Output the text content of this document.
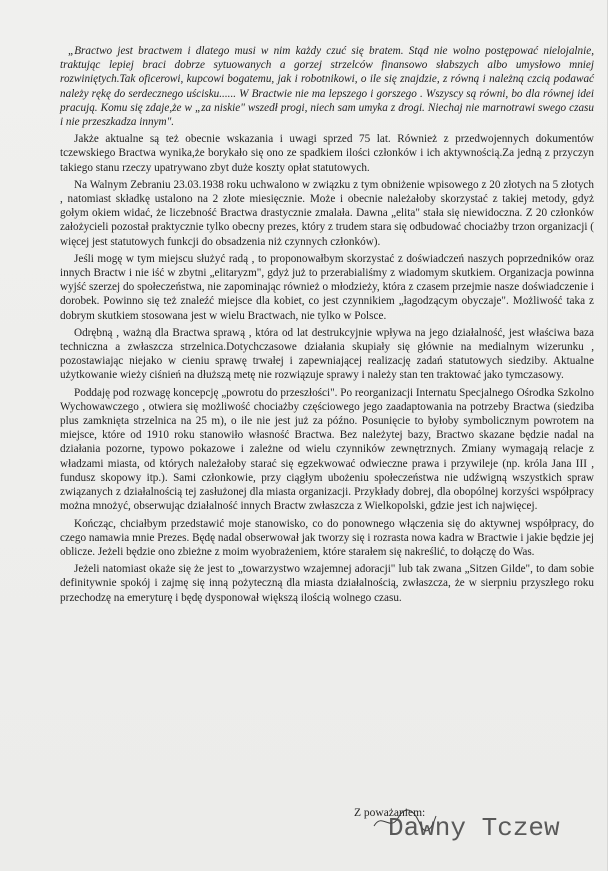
„Bractwo jest bractwem i dlatego musi w nim każdy czuć się bratem. Stąd nie wolno postępować nielojalnie, traktując lepiej braci dobrze sytuowanych a gorzej strzelców finansowo słabszych albo umysłowo mniej rozwiniętych.Tak oficerowi, kupcowi bogatemu, jak i robotnikowi, o ile się znajdzie, z równą i należną czcią podawać należy rękę do serdecznego uścisku...... W Bractwie nie ma lepszego i gorszego . Wszyscy są równi, bo dla równej idei pracują. Komu się zdaje,że w „za niskie" wszedł progi, niech sam umyka z drogi. Niechaj nie marnotrawi swego czasu i nie przeszkadza innym".

Jakże aktualne są też obecnie wskazania i uwagi sprzed 75 lat. Również z przedwojennych dokumentów tczewskiego Bractwa wynika,że borykało się ono ze spadkiem ilości członków i ich aktywnością.Za jedną z przyczyn takiego stanu rzeczy upatrywano zbyt duże koszty opłat statutowych.

Na Walnym Zebraniu 23.03.1938 roku uchwalono w związku z tym obniżenie wpisowego z 20 złotych na 5 złotych , natomiast składkę ustalono na 2 złote miesięcznie. Może i obecnie należałoby skorzystać z takiej metody, gdyż gołym okiem widać, że liczebność Bractwa drastycznie zmalała. Dawna „elita" stała się niewidoczna. Z 20 członków założycieli pozostał praktycznie tylko obecny prezes, który z trudem stara się odbudować chociażby trzon organizacji ( więcej jest statutowych funkcji do obsadzenia niż czynnych członków).

Jeśli mogę w tym miejscu służyć radą , to proponowałbym skorzystać z doświadczeń naszych poprzedników oraz innych Bractw i nie iść w zbytni „elitaryzm", gdyż już to przerabialiśmy z wiadomym skutkiem. Organizacja powinna wyjść szerzej do społeczeństwa, nie zapominając również o młodzieży, która z czasem przejmie nasze doświadczenie i dorobek. Powinno się też znaleźć miejsce dla kobiet, co jest czynnikiem „łagodzącym obyczaje". Możliwość taka z dobrym skutkiem stosowana jest w wielu Bractwach, nie tylko w Polsce.

Odrębną , ważną dla Bractwa sprawą , która od lat destrukcyjnie wpływa na jego działalność, jest właściwa baza techniczna a zwłaszcza strzelnica.Dotychczasowe działania skupiały się głównie na medialnym wizerunku , pozostawiając niejako w cieniu sprawę trwałej i zapewniającej realizację zadań statutowych siedziby. Aktualne użytkowanie wieży ciśnień na dłuższą metę nie rozwiązuje sprawy i należy stan ten traktować jako tymczasowy.

Poddaję pod rozwagę koncepcję „powrotu do przeszłości". Po reorganizacji Internatu Specjalnego Ośrodka Szkolno Wychowawczego , otwiera się możliwość chociażby częściowego jego zaadaptowania na potrzeby Bractwa (siedziba plus zamknięta strzelnica na 25 m), o ile nie jest już za późno. Posunięcie to byłoby symbolicznym powrotem na miejsce, które od 1910 roku stanowiło własność Bractwa. Bez należytej bazy, Bractwo skazane będzie nadal na działania pozorne, typowo pokazowe i zależne od wielu czynników zewnętrznych. Zmiany wymagają relacje z władzami miasta, od których należałoby starać się egzekwować odwieczne prawa i przywileje (np. króla Jana III , fundusz skopowy itp.). Sami członkowie, przy ciągłym ubożeniu społeczeństwa nie udźwigną wszystkich spraw związanych z działalnością tej zasłużonej dla miasta organizacji. Przykłady dobrej, dla obopólnej korzyści współpracy można mnożyć, obserwując działalność innych Bractw zwłaszcza z Wielkopolski, gdzie jest ich najwięcej.

Kończąc, chciałbym przedstawić moje stanowisko, co do ponownego włączenia się do aktywnej współpracy, do czego namawia mnie Prezes. Będę nadal obserwował jak tworzy się i rozrasta nowa kadra w Bractwie i jakie będzie jej oblicze. Jeżeli będzie ono zbieżne z moim wyobrażeniem, które starałem się nakreślić, to dołączę do Was.

Jeżeli natomiast okaże się że jest to „towarzystwo wzajemnej adoracji" lub tak zwana „Sitzen Gilde", to dam sobie definitywnie spokój i zajmę się inną pożyteczną dla miasta działalnością, zwłaszcza, że w sierpniu przyszłego roku przechodzę na emeryturę i będę dysponował większą ilością wolnego czasu.

Z poważaniem:
Dawny Tczew
